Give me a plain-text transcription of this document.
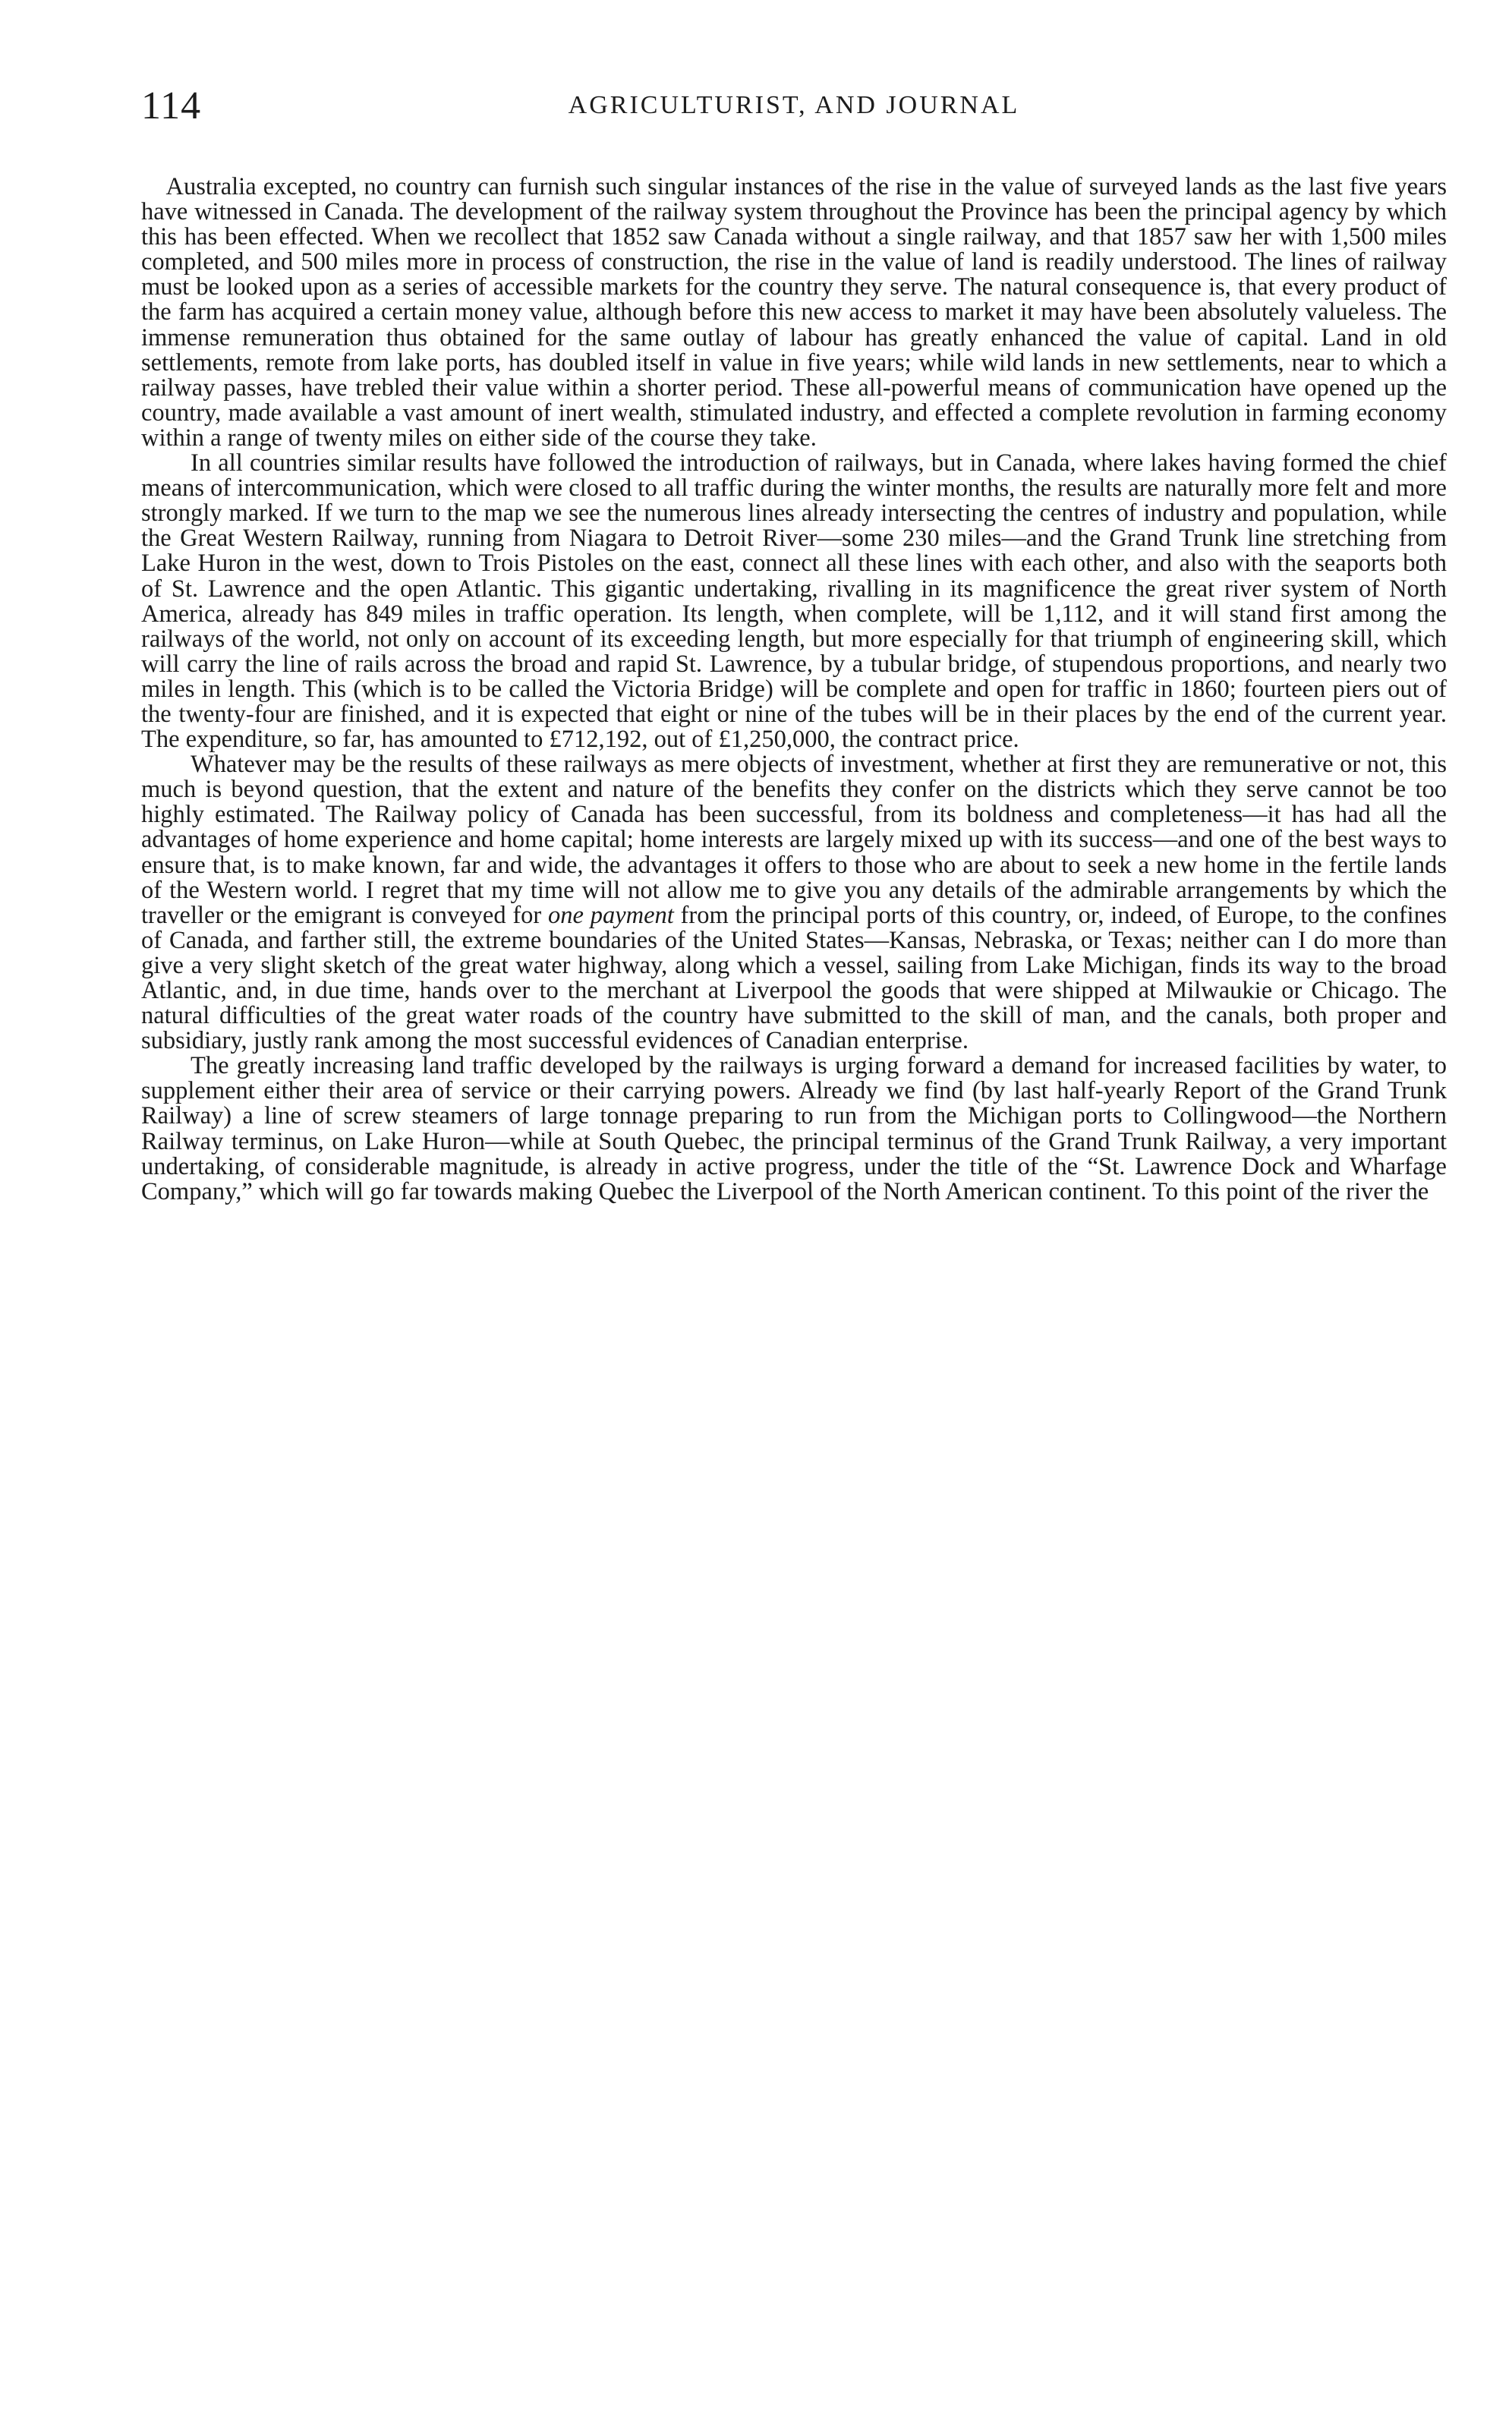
114	AGRICULTURIST, AND JOURNAL

Australia excepted, no country can furnish such singular instances of the rise in the value of surveyed lands as the last five years have witnessed in Canada. The development of the railway system throughout the Province has been the principal agency by which this has been effected. When we recollect that 1852 saw Canada without a single railway, and that 1857 saw her with 1,500 miles completed, and 500 miles more in process of construction, the rise in the value of land is readily understood. The lines of railway must be looked upon as a series of accessible markets for the country they serve. The natural consequence is, that every product of the farm has acquired a certain money value, although before this new access to market it may have been absolutely valueless. The immense remuneration thus obtained for the same outlay of labour has greatly enhanced the value of capital. Land in old settlements, remote from lake ports, has doubled itself in value in five years; while wild lands in new settlements, near to which a railway passes, have trebled their value within a shorter period. These all-powerful means of communication have opened up the country, made available a vast amount of inert wealth, stimulated industry, and effected a complete revolution in farming economy within a range of twenty miles on either side of the course they take.

In all countries similar results have followed the introduction of railways, but in Canada, where lakes having formed the chief means of intercommunication, which were closed to all traffic during the winter months, the results are naturally more felt and more strongly marked. If we turn to the map we see the numerous lines already intersecting the centres of industry and population, while the Great Western Railway, running from Niagara to Detroit River—some 230 miles—and the Grand Trunk line stretching from Lake Huron in the west, down to Trois Pistoles on the east, connect all these lines with each other, and also with the seaports both of St. Lawrence and the open Atlantic. This gigantic undertaking, rivalling in its magnificence the great river system of North America, already has 849 miles in traffic operation. Its length, when complete, will be 1,112, and it will stand first among the railways of the world, not only on account of its exceeding length, but more especially for that triumph of engineering skill, which will carry the line of rails across the broad and rapid St. Lawrence, by a tubular bridge, of stupendous proportions, and nearly two miles in length. This (which is to be called the Victoria Bridge) will be complete and open for traffic in 1860; fourteen piers out of the twenty-four are finished, and it is expected that eight or nine of the tubes will be in their places by the end of the current year. The expenditure, so far, has amounted to £712,192, out of £1,250,000, the contract price.

Whatever may be the results of these railways as mere objects of investment, whether at first they are remunerative or not, this much is beyond question, that the extent and nature of the benefits they confer on the districts which they serve cannot be too highly estimated. The Railway policy of Canada has been successful, from its boldness and completeness—it has had all the advantages of home experience and home capital; home interests are largely mixed up with its success—and one of the best ways to ensure that, is to make known, far and wide, the advantages it offers to those who are about to seek a new home in the fertile lands of the Western world. I regret that my time will not allow me to give you any details of the admirable arrangements by which the traveller or the emigrant is conveyed for one payment from the principal ports of this country, or, indeed, of Europe, to the confines of Canada, and farther still, the extreme boundaries of the United States—Kansas, Nebraska, or Texas; neither can I do more than give a very slight sketch of the great water highway, along which a vessel, sailing from Lake Michigan, finds its way to the broad Atlantic, and, in due time, hands over to the merchant at Liverpool the goods that were shipped at Milwaukie or Chicago. The natural difficulties of the great water roads of the country have submitted to the skill of man, and the canals, both proper and subsidiary, justly rank among the most successful evidences of Canadian enterprise.

The greatly increasing land traffic developed by the railways is urging forward a demand for increased facilities by water, to supplement either their area of service or their carrying powers. Already we find (by last half-yearly Report of the Grand Trunk Railway) a line of screw steamers of large tonnage preparing to run from the Michigan ports to Collingwood—the Northern Railway terminus, on Lake Huron—while at South Quebec, the principal terminus of the Grand Trunk Railway, a very important undertaking, of considerable magnitude, is already in active progress, under the title of the “St. Lawrence Dock and Wharfage Company,” which will go far towards making Quebec the Liverpool of the North American continent. To this point of the river the
